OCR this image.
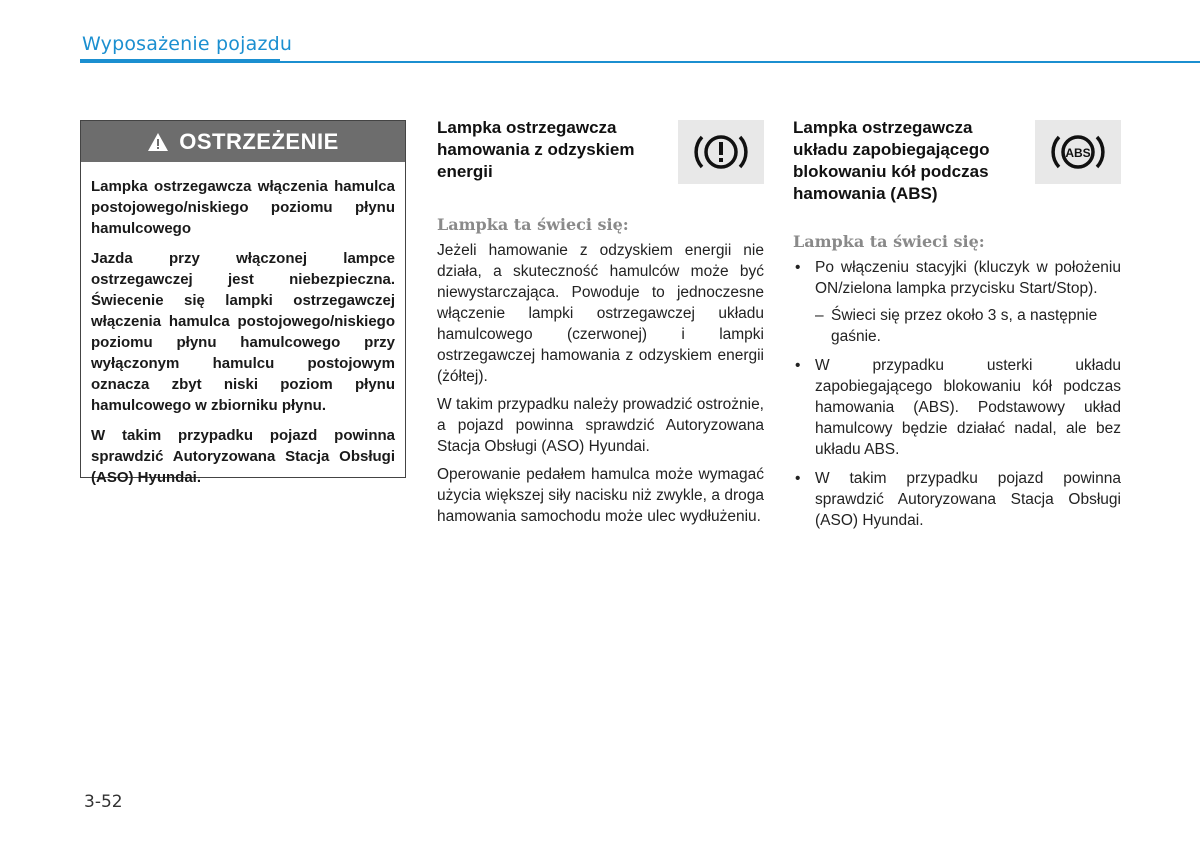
Wyposażenie pojazdu
OSTRZEŻENIE

Lampka ostrzegawcza włączenia hamulca postojowego/niskiego poziomu płynu hamulcowego

Jazda przy włączonej lampce ostrzegawczej jest niebezpieczna. Świecenie się lampki ostrzegawczej włączenia hamulca postojowego/niskiego poziomu płynu hamulcowego przy wyłączonym hamulcu postojowym oznacza zbyt niski poziom płynu hamulcowego w zbiorniku płynu.

W takim przypadku pojazd powinna sprawdzić Autoryzowana Stacja Obsługi (ASO) Hyundai.

Lampka ostrzegawcza hamowania z odzyskiem energii
Lampka ta świeci się:

Jeżeli hamowanie z odzyskiem energii nie działa, a skuteczność hamulców może być niewystarczająca. Powoduje to jednoczesne włączenie lampki ostrzegawczej układu hamulcowego (czerwonej) i lampki ostrzegawczej hamowania z odzyskiem energii (żółtej).

W takim przypadku należy prowadzić ostrożnie, a pojazd powinna sprawdzić Autoryzowana Stacja Obsługi (ASO) Hyundai.

Operowanie pedałem hamulca może wymagać użycia większej siły nacisku niż zwykle, a droga hamowania samochodu może ulec wydłużeniu.

Lampka ostrzegawcza układu zapobiegającego blokowaniu kół podczas hamowania (ABS)
ABS
Lampka ta świeci się:
• Po włączeniu stacyjki (kluczyk w położeniu ON/zielona lampka przycisku Start/Stop).
– Świeci się przez około 3 s, a następnie gaśnie.
• W przypadku usterki układu zapobiegającego blokowaniu kół podczas hamowania (ABS). Podstawowy układ hamulcowy będzie działać nadal, ale bez układu ABS.
• W takim przypadku pojazd powinna sprawdzić Autoryzowana Stacja Obsługi (ASO) Hyundai.
3-52
